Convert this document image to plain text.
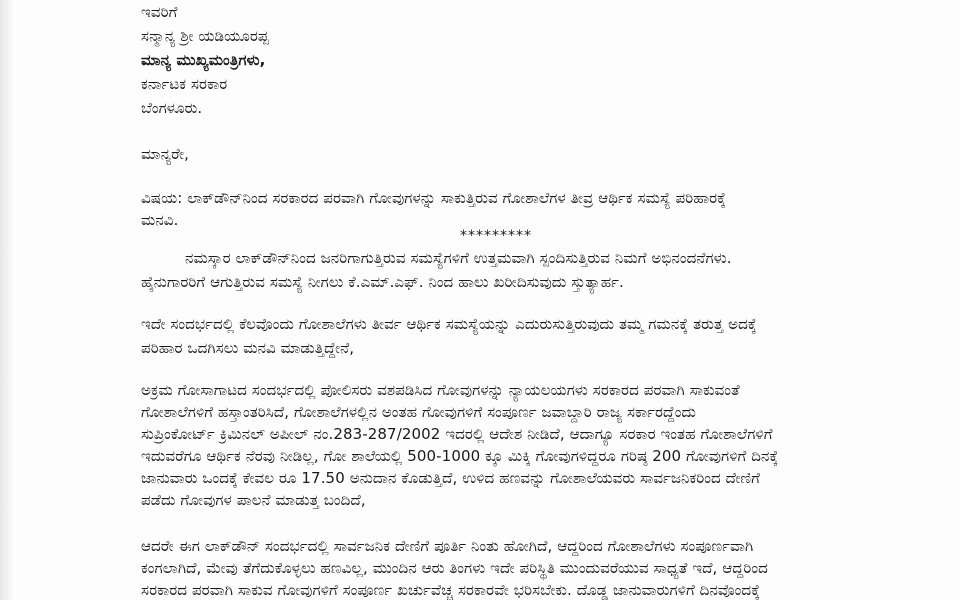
ಇವರಿಗೆ
ಸನ್ಮಾನ್ಯ ಶ್ರೀ ಯಡಿಯೂರಪ್ಪ
ಮಾನ್ಯ ಮುಖ್ಯಮಂತ್ರಿಗಳು,
ಕರ್ನಾಟಕ ಸರಕಾರ
ಬೆಂಗಳೂರು.
ಮಾನ್ಯರೇ,
ವಿಷಯ: ಲಾಕ್‌ಡೌನ್‌ನಿಂದ ಸರಕಾರದ ಪರವಾಗಿ ಗೋವುಗಳನ್ನು ಸಾಕುತ್ತಿರುವ ಗೋಶಾಲೆಗಳ ತೀವ್ರ ಆರ್ಥಿಕ ಸಮಸ್ಯೆ ಪರಿಹಾರಕ್ಕೆ
ಮನವಿ.
*********
ನಮಸ್ಕಾರ ಲಾಕ್‌ಡೌನ್‌ನಿಂದ ಜನರಿಗಾಗುತ್ತಿರುವ ಸಮಸ್ಯೆಗಳಿಗೆ ಉತ್ತಮವಾಗಿ ಸ್ಪಂದಿಸುತ್ತಿರುವ ನಿಮಗೆ ಅಭಿನಂದನೆಗಳು.
ಹೈನುಗಾರರಿಗೆ ಆಗುತ್ತಿರುವ ಸಮಸ್ಯೆ ನೀಗಲು ಕೆ.ಎಮ್.ಎಫ್. ನಿಂದ ಹಾಲು ಖರೀದಿಸುವುದು ಸ್ತುತ್ಯಾರ್ಹ.
ಇದೇ ಸಂದರ್ಭದಲ್ಲಿ ಕೆಲವೊಂದು ಗೋಶಾಲೆಗಳು ತೀರ್ವ ಆರ್ಥಿಕ ಸಮಸ್ಯೆಯನ್ನು ಎದುರುಸುತ್ತಿರುವುದು ತಮ್ಮ ಗಮನಕ್ಕೆ ತರುತ್ತ ಅದಕ್ಕೆ
ಪರಿಹಾರ ಒದಗಿಸಲು ಮನವಿ ಮಾಡುತ್ತಿದ್ದೇನೆ,
ಅಕ್ರಮ ಗೋಸಾಗಾಟದ ಸಂದರ್ಭದಲ್ಲಿ ಪೋಲಿಸರು ವಶಪಡಿಸಿದ ಗೋವುಗಳನ್ನು ನ್ಯಾಯಲಯಗಳು ಸರಕಾರದ ಪರವಾಗಿ ಸಾಕುವಂತೆ
ಗೋಶಾಲೆಗಳಿಗೆ ಹಸ್ತಾಂತರಿಸಿದೆ, ಗೋಶಾಲೆಗಳಲ್ಲಿನ ಅಂತಹ ಗೋವುಗಳಿಗೆ ಸಂಪೂರ್ಣ ಜವಾಬ್ದಾರಿ ರಾಜ್ಯ ಸರ್ಕಾರದ್ದೆಂದು
ಸುಪ್ರಿಂಕೋರ್ಟ್ ಕ್ರಿಮಿನಲ್ ಅಪೀಲ್ ನಂ.283-287/2002 ಇದರಲ್ಲಿ ಆದೇಶ ನೀಡಿದೆ, ಆದಾಗ್ಯೂ ಸರಕಾರ ಇಂತಹ ಗೋಶಾಲೆಗಳಿಗೆ
ಇದುವರೆಗೂ ಆರ್ಥಿಕ ನೆರವು ನೀಡಿಲ್ಲ, ಗೋ ಶಾಲೆಯಲ್ಲಿ 500-1000 ಕ್ಕೂ ಮಿಕ್ಕಿ ಗೋವುಗಳಿದ್ದರೂ ಗರಿಷ್ಠ 200 ಗೋವುಗಳಿಗೆ ದಿನಕ್ಕೆ
ಜಾನುವಾರು ಒಂದಕ್ಕೆ ಕೇವಲ ರೂ 17.50 ಅನುದಾನ ಕೊಡುತ್ತಿದೆ, ಉಳಿದ ಹಣವನ್ನು ಗೋಶಾಲೆಯವರು ಸಾರ್ವಜನಿಕರಿಂದ ದೇಣಿಗೆ
ಪಡೆದು ಗೋವುಗಳ ಪಾಲನೆ ಮಾಡುತ್ತ ಬಂದಿದೆ,
ಆದರೇ ಈಗ ಲಾಕ್‌ಡೌನ್ ಸಂದರ್ಭದಲ್ಲಿ ಸಾರ್ವಜನಿಕ ದೇಣಿಗೆ ಪೂರ್ತಿ ನಿಂತು ಹೋಗಿದೆ, ಆದ್ದರಿಂದ ಗೋಶಾಲೆಗಳು ಸಂಪೂರ್ಣವಾಗಿ
ಕಂಗಲಾಗಿದೆ, ಮೇವು ತೆಗೆದುಕೊಳ್ಳಲು ಹಣವಿಲ್ಲ, ಮುಂದಿನ ಆರು ತಿಂಗಳು ಇದೇ ಪರಿಸ್ಥಿತಿ ಮುಂದುವರೆಯುವ ಸಾಧ್ಯತೆ ಇದೆ, ಆದ್ದರಿಂದ
ಸರಕಾರದ ಪರವಾಗಿ ಸಾಕುವ ಗೋವುಗಳಿಗೆ ಸಂಪೂರ್ಣ ಖರ್ಚುವೆಚ್ಚ ಸರಕಾರವೇ ಭರಿಸಬೇಕು. ದೊಡ್ಡ ಜಾನುವಾರುಗಳಿಗೆ ದಿನವೊಂದಕ್ಕೆ
